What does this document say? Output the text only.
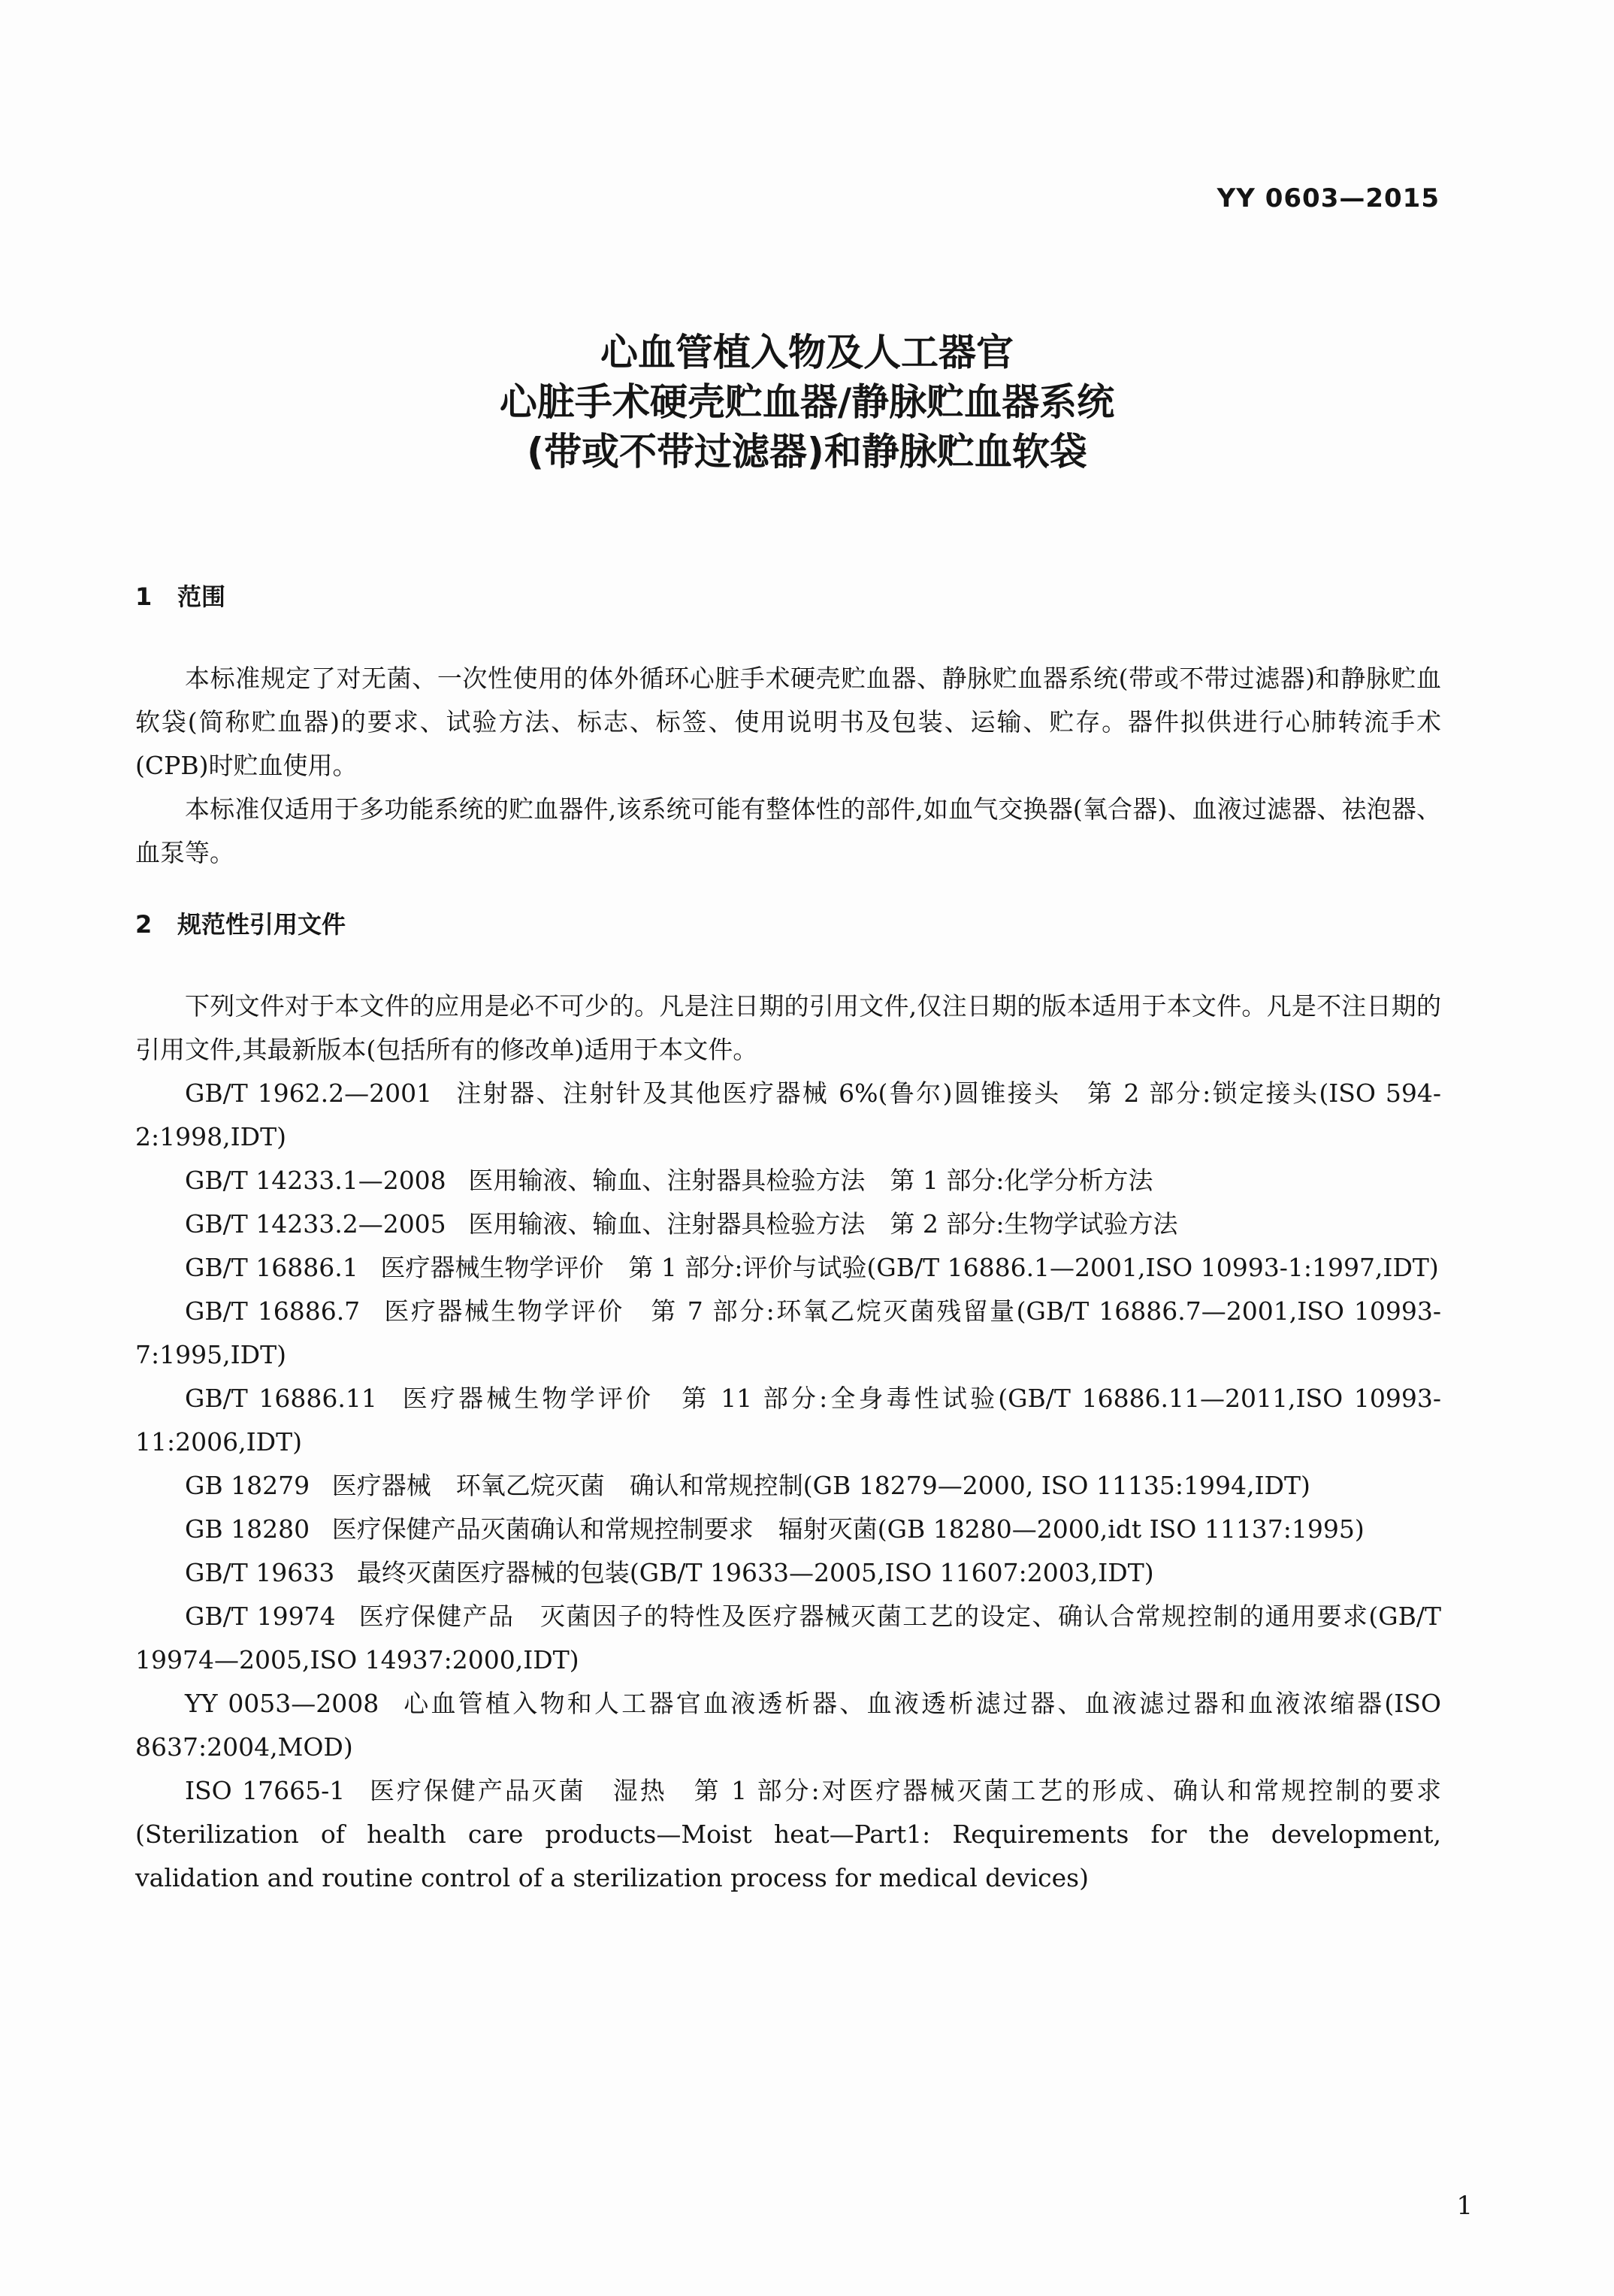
YY 0603—2015
心血管植入物及人工器官
心脏手术硬壳贮血器/静脉贮血器系统
(带或不带过滤器)和静脉贮血软袋
1 范围

本标准规定了对无菌、一次性使用的体外循环心脏手术硬壳贮血器、静脉贮血器系统(带或不带过滤器)和静脉贮血软袋(简称贮血器)的要求、试验方法、标志、标签、使用说明书及包装、运输、贮存。器件拟供进行心肺转流手术(CPB)时贮血使用。

本标准仅适用于多功能系统的贮血器件,该系统可能有整体性的部件,如血气交换器(氧合器)、血液过滤器、祛泡器、血泵等。

2 规范性引用文件

下列文件对于本文件的应用是必不可少的。凡是注日期的引用文件,仅注日期的版本适用于本文件。凡是不注日期的引用文件,其最新版本(包括所有的修改单)适用于本文件。

GB/T 1962.2—2001 注射器、注射针及其他医疗器械 6%(鲁尔)圆锥接头　第 2 部分:锁定接头(ISO 594-2:1998,IDT)

GB/T 14233.1—2008 医用输液、输血、注射器具检验方法　第 1 部分:化学分析方法

GB/T 14233.2—2005 医用输液、输血、注射器具检验方法　第 2 部分:生物学试验方法

GB/T 16886.1 医疗器械生物学评价　第 1 部分:评价与试验(GB/T 16886.1—2001,ISO 10993-1:1997,IDT)

GB/T 16886.7 医疗器械生物学评价　第 7 部分:环氧乙烷灭菌残留量(GB/T 16886.7—2001,ISO 10993-7:1995,IDT)

GB/T 16886.11 医疗器械生物学评价　第 11 部分:全身毒性试验(GB/T 16886.11—2011,ISO 10993-11:2006,IDT)

GB 18279 医疗器械　环氧乙烷灭菌　确认和常规控制(GB 18279—2000, ISO 11135:1994,IDT)

GB 18280 医疗保健产品灭菌确认和常规控制要求　辐射灭菌(GB 18280—2000,idt ISO 11137:1995)

GB/T 19633 最终灭菌医疗器械的包装(GB/T 19633—2005,ISO 11607:2003,IDT)

GB/T 19974 医疗保健产品　灭菌因子的特性及医疗器械灭菌工艺的设定、确认合常规控制的通用要求(GB/T 19974—2005,ISO 14937:2000,IDT)

YY 0053—2008 心血管植入物和人工器官血液透析器、血液透析滤过器、血液滤过器和血液浓缩器(ISO 8637:2004,MOD)

ISO 17665-1 医疗保健产品灭菌　湿热　第 1 部分:对医疗器械灭菌工艺的形成、确认和常规控制的要求(Sterilization of health care products—Moist heat—Part1: Requirements for the development, validation and routine control of a sterilization process for medical devices)

1
